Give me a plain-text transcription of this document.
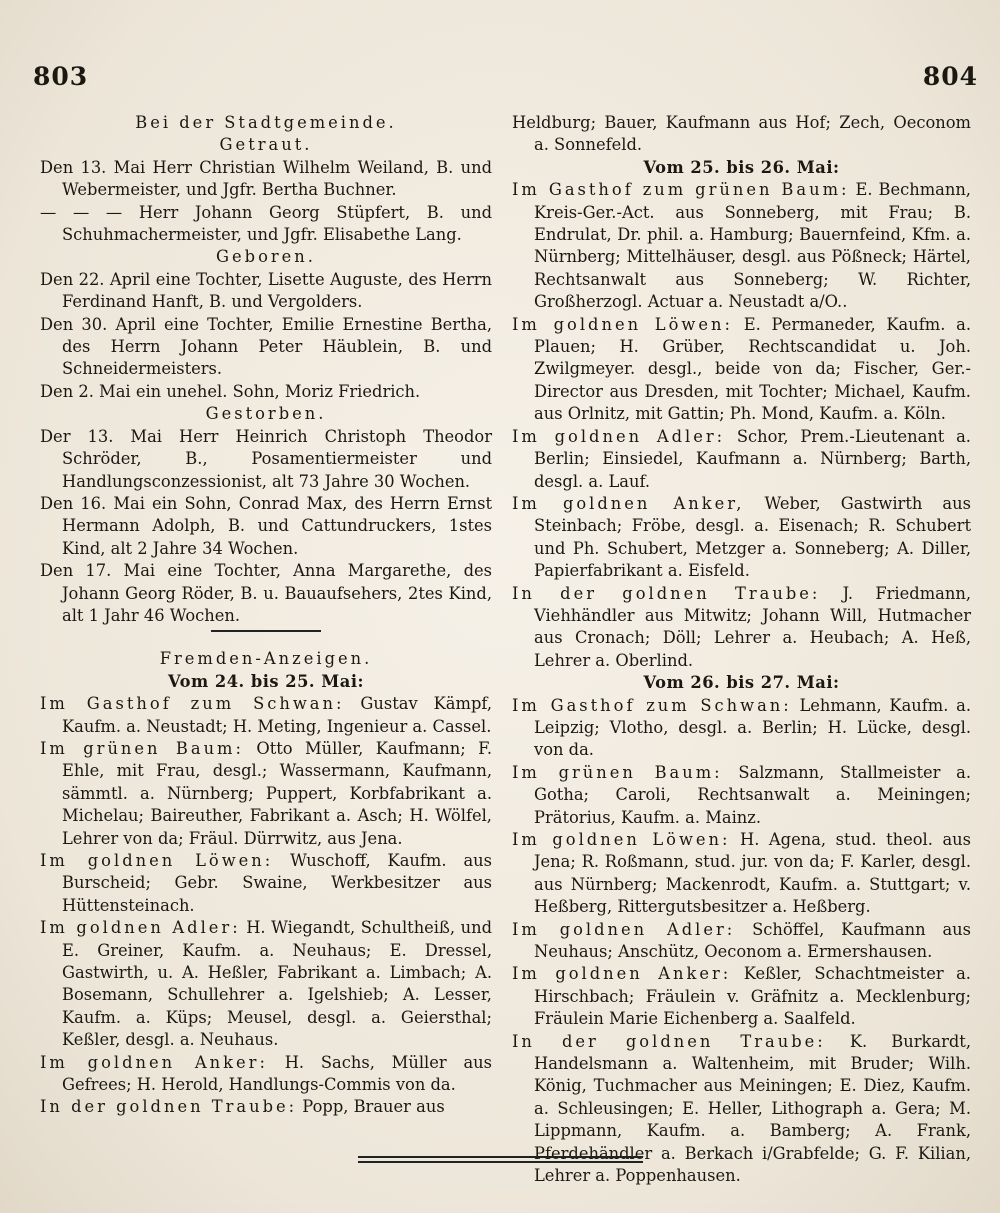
803	804

Bei der Stadtgemeinde.

Getraut.

Den 13. Mai Herr Christian Wilhelm Weiland, B. und Webermeister, und Jgfr. Bertha Buchner.

— — — Herr Johann Georg Stüpfert, B. und Schuhmachermeister, und Jgfr. Elisabethe Lang.

Geboren.

Den 22. April eine Tochter, Lisette Auguste, des Herrn Ferdinand Hanft, B. und Vergolders.

Den 30. April eine Tochter, Emilie Ernestine Bertha, des Herrn Johann Peter Häublein, B. und Schneidermeisters.

Den 2. Mai ein unehel. Sohn, Moriz Friedrich.

Gestorben.

Der 13. Mai Herr Heinrich Christoph Theodor Schröder, B., Posamentiermeister und Handlungsconzessionist, alt 73 Jahre 30 Wochen.

Den 16. Mai ein Sohn, Conrad Max, des Herrn Ernst Hermann Adolph, B. und Cattundruckers, 1stes Kind, alt 2 Jahre 34 Wochen.

Den 17. Mai eine Tochter, Anna Margarethe, des Johann Georg Röder, B. u. Bauaufsehers, 2tes Kind, alt 1 Jahr 46 Wochen.

Fremden-Anzeigen.

Vom 24. bis 25. Mai:

Im Gasthof zum Schwan: Gustav Kämpf, Kaufm. a. Neustadt; H. Meting, Ingenieur a. Cassel.

Im grünen Baum: Otto Müller, Kaufmann; F. Ehle, mit Frau, desgl.; Wassermann, Kaufmann, sämmtl. a. Nürnberg; Puppert, Korbfabrikant a. Michelau; Baireuther, Fabrikant a. Asch; H. Wölfel, Lehrer von da; Fräul. Dürrwitz, aus Jena.

Im goldnen Löwen: Wuschoff, Kaufm. aus Burscheid; Gebr. Swaine, Werkbesitzer aus Hüttensteinach.

Im goldnen Adler: H. Wiegandt, Schultheiß, und E. Greiner, Kaufm. a. Neuhaus; E. Dressel, Gastwirth, u. A. Heßler, Fabrikant a. Limbach; A. Bosemann, Schullehrer a. Igelshieb; A. Lesser, Kaufm. a. Küps; Meusel, desgl. a. Geiersthal; Keßler, desgl. a. Neuhaus.

Im goldnen Anker: H. Sachs, Müller aus Gefrees; H. Herold, Handlungs-Commis von da.

In der goldnen Traube: Popp, Brauer aus

Heldburg; Bauer, Kaufmann aus Hof; Zech, Oeconom a. Sonnefeld.

Vom 25. bis 26. Mai:

Im Gasthof zum grünen Baum: E. Bechmann, Kreis-Ger.-Act. aus Sonneberg, mit Frau; B. Endrulat, Dr. phil. a. Hamburg; Bauernfeind, Kfm. a. Nürnberg; Mittelhäuser, desgl. aus Pößneck; Härtel, Rechtsanwalt aus Sonneberg; W. Richter, Großherzogl. Actuar a. Neustadt a/O..

Im goldnen Löwen: E. Permaneder, Kaufm. a. Plauen; H. Grüber, Rechtscandidat u. Joh. Zwilgmeyer. desgl., beide von da; Fischer, Ger.-Director aus Dresden, mit Tochter; Michael, Kaufm. aus Orlnitz, mit Gattin; Ph. Mond, Kaufm. a. Köln.

Im goldnen Adler: Schor, Prem.-Lieutenant a. Berlin; Einsiedel, Kaufmann a. Nürnberg; Barth, desgl. a. Lauf.

Im goldnen Anker, Weber, Gastwirth aus Steinbach; Fröbe, desgl. a. Eisenach; R. Schubert und Ph. Schubert, Metzger a. Sonneberg; A. Diller, Papierfabrikant a. Eisfeld.

In der goldnen Traube: J. Friedmann, Viehhändler aus Mitwitz; Johann Will, Hutmacher aus Cronach; Döll; Lehrer a. Heubach; A. Heß, Lehrer a. Oberlind.

Vom 26. bis 27. Mai:

Im Gasthof zum Schwan: Lehmann, Kaufm. a. Leipzig; Vlotho, desgl. a. Berlin; H. Lücke, desgl. von da.

Im grünen Baum: Salzmann, Stallmeister a. Gotha; Caroli, Rechtsanwalt a. Meiningen; Prätorius, Kaufm. a. Mainz.

Im goldnen Löwen: H. Agena, stud. theol. aus Jena; R. Roßmann, stud. jur. von da; F. Karler, desgl. aus Nürnberg; Mackenrodt, Kaufm. a. Stuttgart; v. Heßberg, Rittergutsbesitzer a. Heßberg.

Im goldnen Adler: Schöffel, Kaufmann aus Neuhaus; Anschütz, Oeconom a. Ermershausen.

Im goldnen Anker: Keßler, Schachtmeister a. Hirschbach; Fräulein v. Gräfnitz a. Mecklenburg; Fräulein Marie Eichenberg a. Saalfeld.

In der goldnen Traube: K. Burkardt, Handelsmann a. Waltenheim, mit Bruder; Wilh. König, Tuchmacher aus Meiningen; E. Diez, Kaufm. a. Schleusingen; E. Heller, Lithograph a. Gera; M. Lippmann, Kaufm. a. Bamberg; A. Frank, Pferdehändler a. Berkach i/Grabfelde; G. F. Kilian, Lehrer a. Poppenhausen.
